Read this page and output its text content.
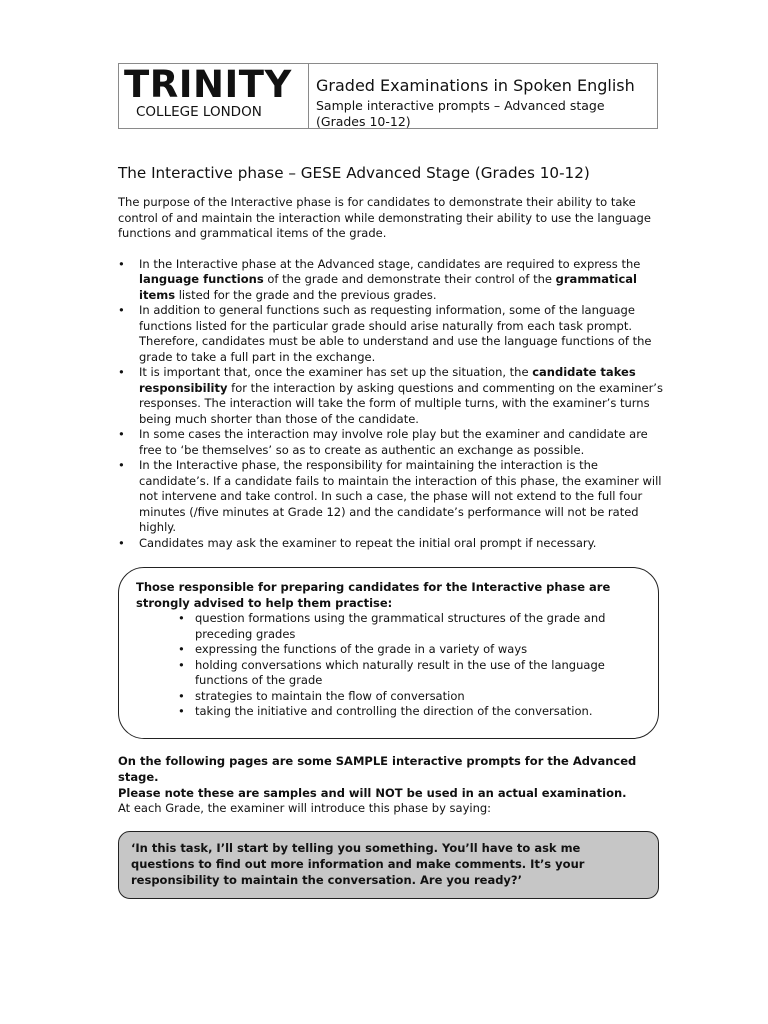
TRINITY
COLLEGE LONDON
Graded Examinations in Spoken English
Sample interactive prompts – Advanced stage
(Grades 10-12)
The Interactive phase – GESE Advanced Stage (Grades 10-12)

The purpose of the Interactive phase is for candidates to demonstrate their ability to take control of and maintain the interaction while demonstrating their ability to use the language functions and grammatical items of the grade.

• In the Interactive phase at the Advanced stage, candidates are required to express the language functions of the grade and demonstrate their control of the grammatical items listed for the grade and the previous grades.
• In addition to general functions such as requesting information, some of the language functions listed for the particular grade should arise naturally from each task prompt. Therefore, candidates must be able to understand and use the language functions of the grade to take a full part in the exchange.
• It is important that, once the examiner has set up the situation, the candidate takes responsibility for the interaction by asking questions and commenting on the examiner’s responses. The interaction will take the form of multiple turns, with the examiner’s turns being much shorter than those of the candidate.
• In some cases the interaction may involve role play but the examiner and candidate are free to ‘be themselves’ so as to create as authentic an exchange as possible.
• In the Interactive phase, the responsibility for maintaining the interaction is the candidate’s. If a candidate fails to maintain the interaction of this phase, the examiner will not intervene and take control. In such a case, the phase will not extend to the full four minutes (/five minutes at Grade 12) and the candidate’s performance will not be rated highly.
• Candidates may ask the examiner to repeat the initial oral prompt if necessary.
Those responsible for preparing candidates for the Interactive phase are strongly advised to help them practise:
• question formations using the grammatical structures of the grade and preceding grades
• expressing the functions of the grade in a variety of ways
• holding conversations which naturally result in the use of the language functions of the grade
• strategies to maintain the flow of conversation
• taking the initiative and controlling the direction of the conversation.
On the following pages are some SAMPLE interactive prompts for the Advanced stage.
Please note these are samples and will NOT be used in an actual examination.
At each Grade, the examiner will introduce this phase by saying:
‘In this task, I’ll start by telling you something. You’ll have to ask me questions to find out more information and make comments. It’s your responsibility to maintain the conversation. Are you ready?’
